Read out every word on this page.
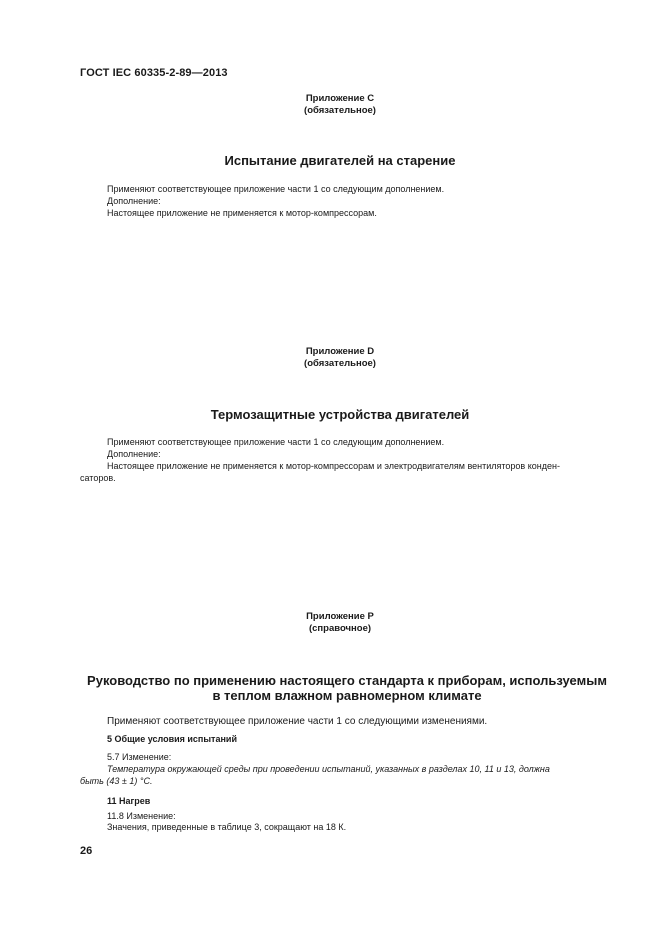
ГОСТ IEC 60335-2-89—2013
Приложение С
(обязательное)
Испытание двигателей на старение
Применяют соответствующее приложение части 1 со следующим дополнением.
Дополнение:
Настоящее приложение не применяется к мотор-компрессорам.
Приложение D
(обязательное)
Термозащитные устройства двигателей
Применяют соответствующее приложение части 1 со следующим дополнением.
Дополнение:
Настоящее приложение не применяется к мотор-компрессорам и электродвигателям вентиляторов конден-
саторов.
Приложение Р
(справочное)
Руководство по применению настоящего стандарта к приборам, используемым
в теплом влажном равномерном климате
Применяют соответствующее приложение части 1 со следующими изменениями.
5 Общие условия испытаний
5.7 Изменение:
Температура окружающей среды при проведении испытаний, указанных в разделах 10, 11 и 13, должна
быть (43 ± 1) °С.
11 Нагрев
11.8 Изменение:
Значения, приведенные в таблице 3, сокращают на 18 К.
26
